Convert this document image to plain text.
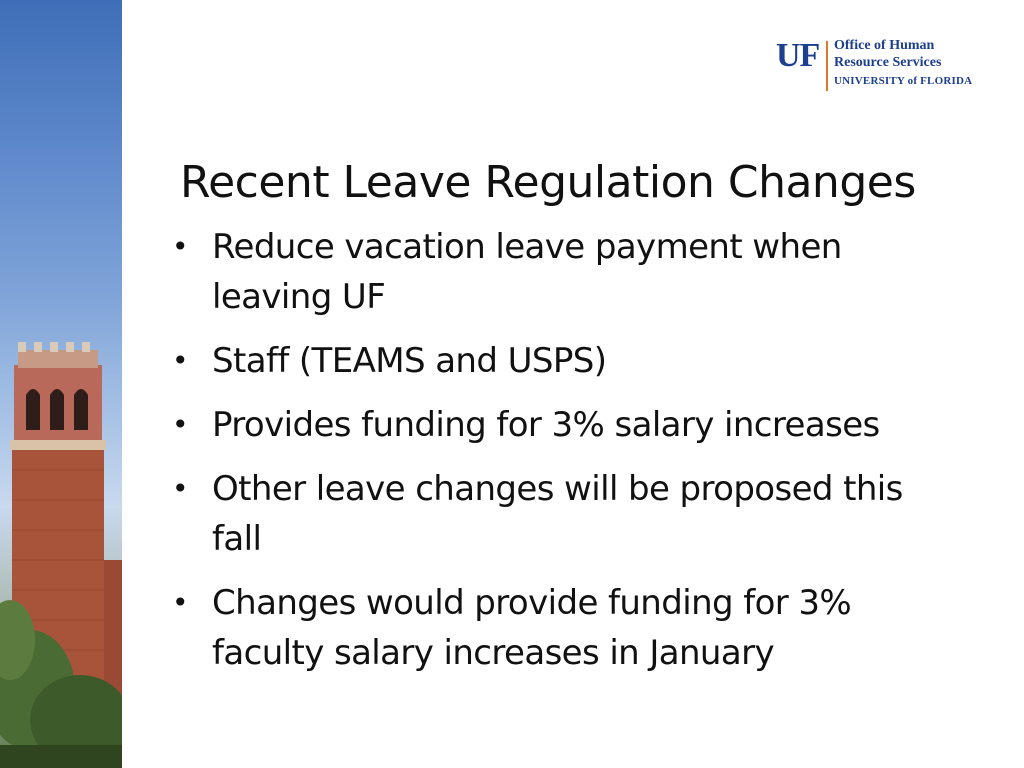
UF Office of Human
Resource Services
UNIVERSITY of FLORIDA
Recent Leave Regulation Changes
• Reduce vacation leave payment when leaving UF
• Staff (TEAMS and USPS)
• Provides funding for 3% salary increases
• Other leave changes will be proposed this fall
• Changes would provide funding for 3% faculty salary increases in January
